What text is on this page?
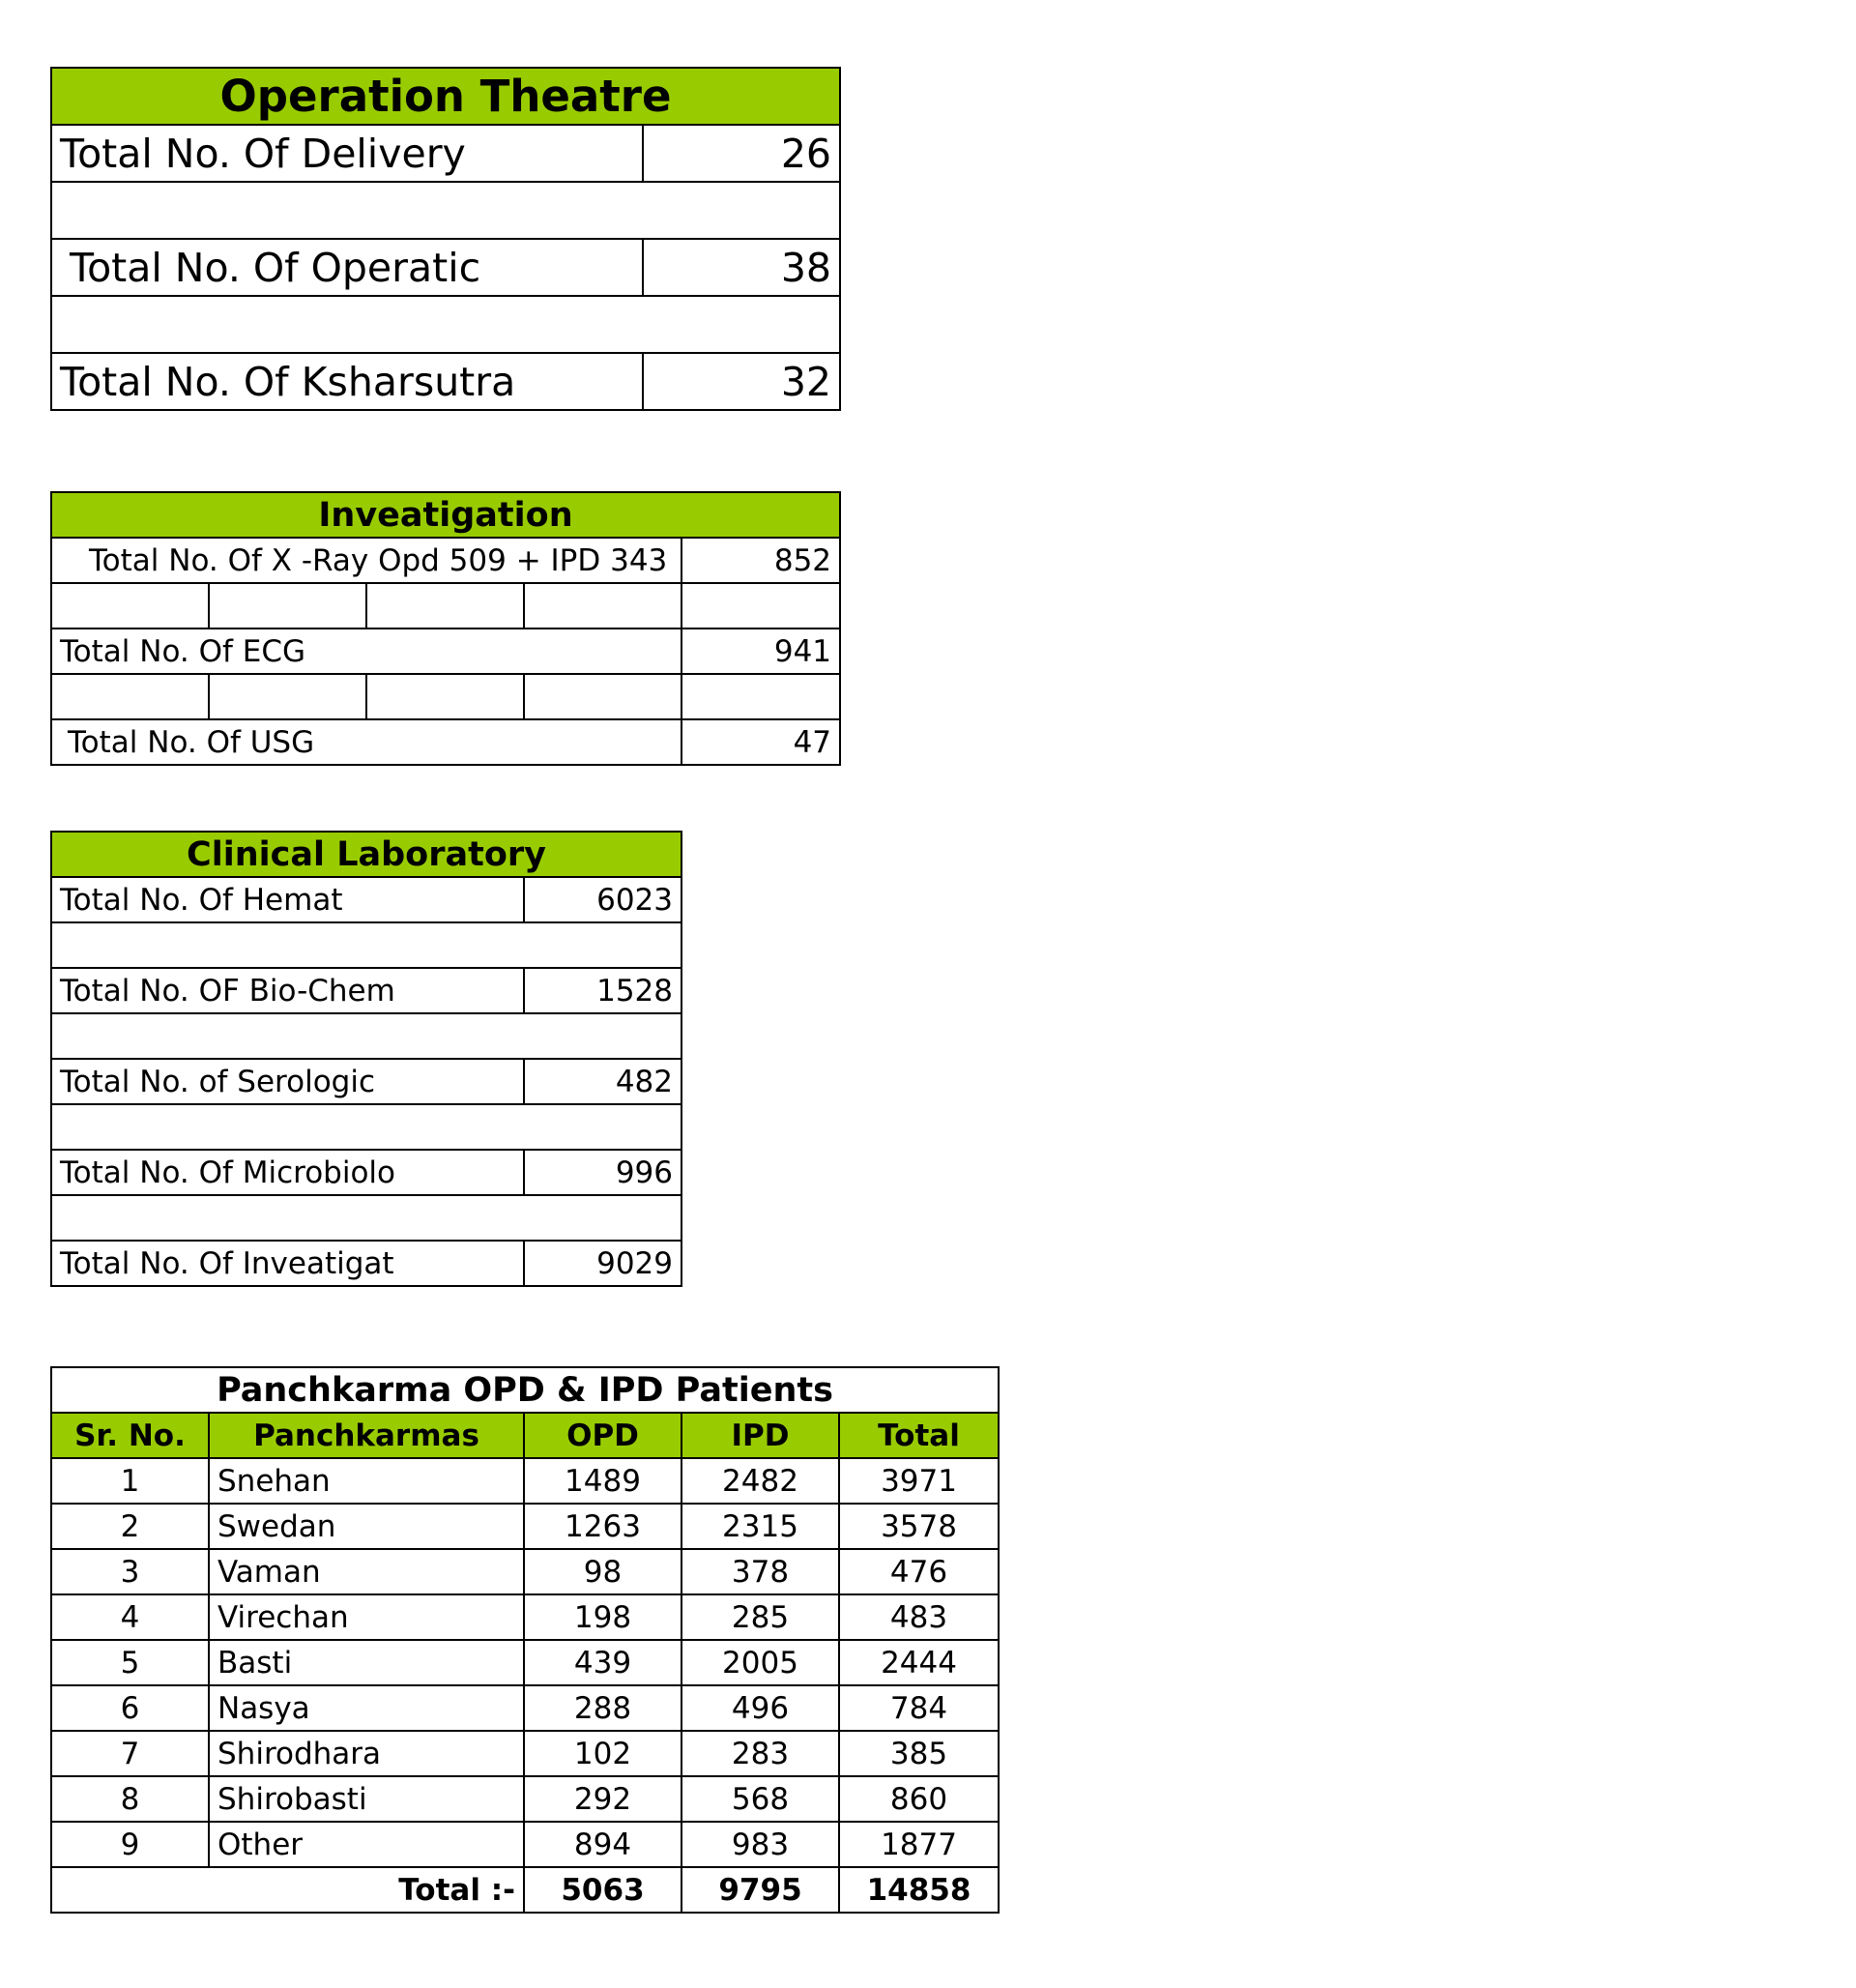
Operation Theatre	
Total No. Of Delivery	26

Total No. Of Operatic	38

Total No. Of Ksharsutra	32
Inveatigation				
Total No. Of X -Ray Opd 509 + IPD 343				852

Total No. Of ECG				941

Total No. Of USG				47
Clinical Laboratory	
Total No. Of Hemat	6023

Total No. OF Bio-Chem	1528

Total No. of Serologic	482

Total No. Of Microbiolo	996

Total No. Of Inveatigat	9029
Panchkarma OPD & IPD Patients				
Sr. No.	Panchkarmas	OPD	IPD	Total
1	Snehan	1489	2482	3971
2	Swedan	1263	2315	3578
3	Vaman	98	378	476
4	Virechan	198	285	483
5	Basti	439	2005	2444
6	Nasya	288	496	784
7	Shirodhara	102	283	385
8	Shirobasti	292	568	860
9	Other	894	983	1877
Total :-		5063	9795	14858
